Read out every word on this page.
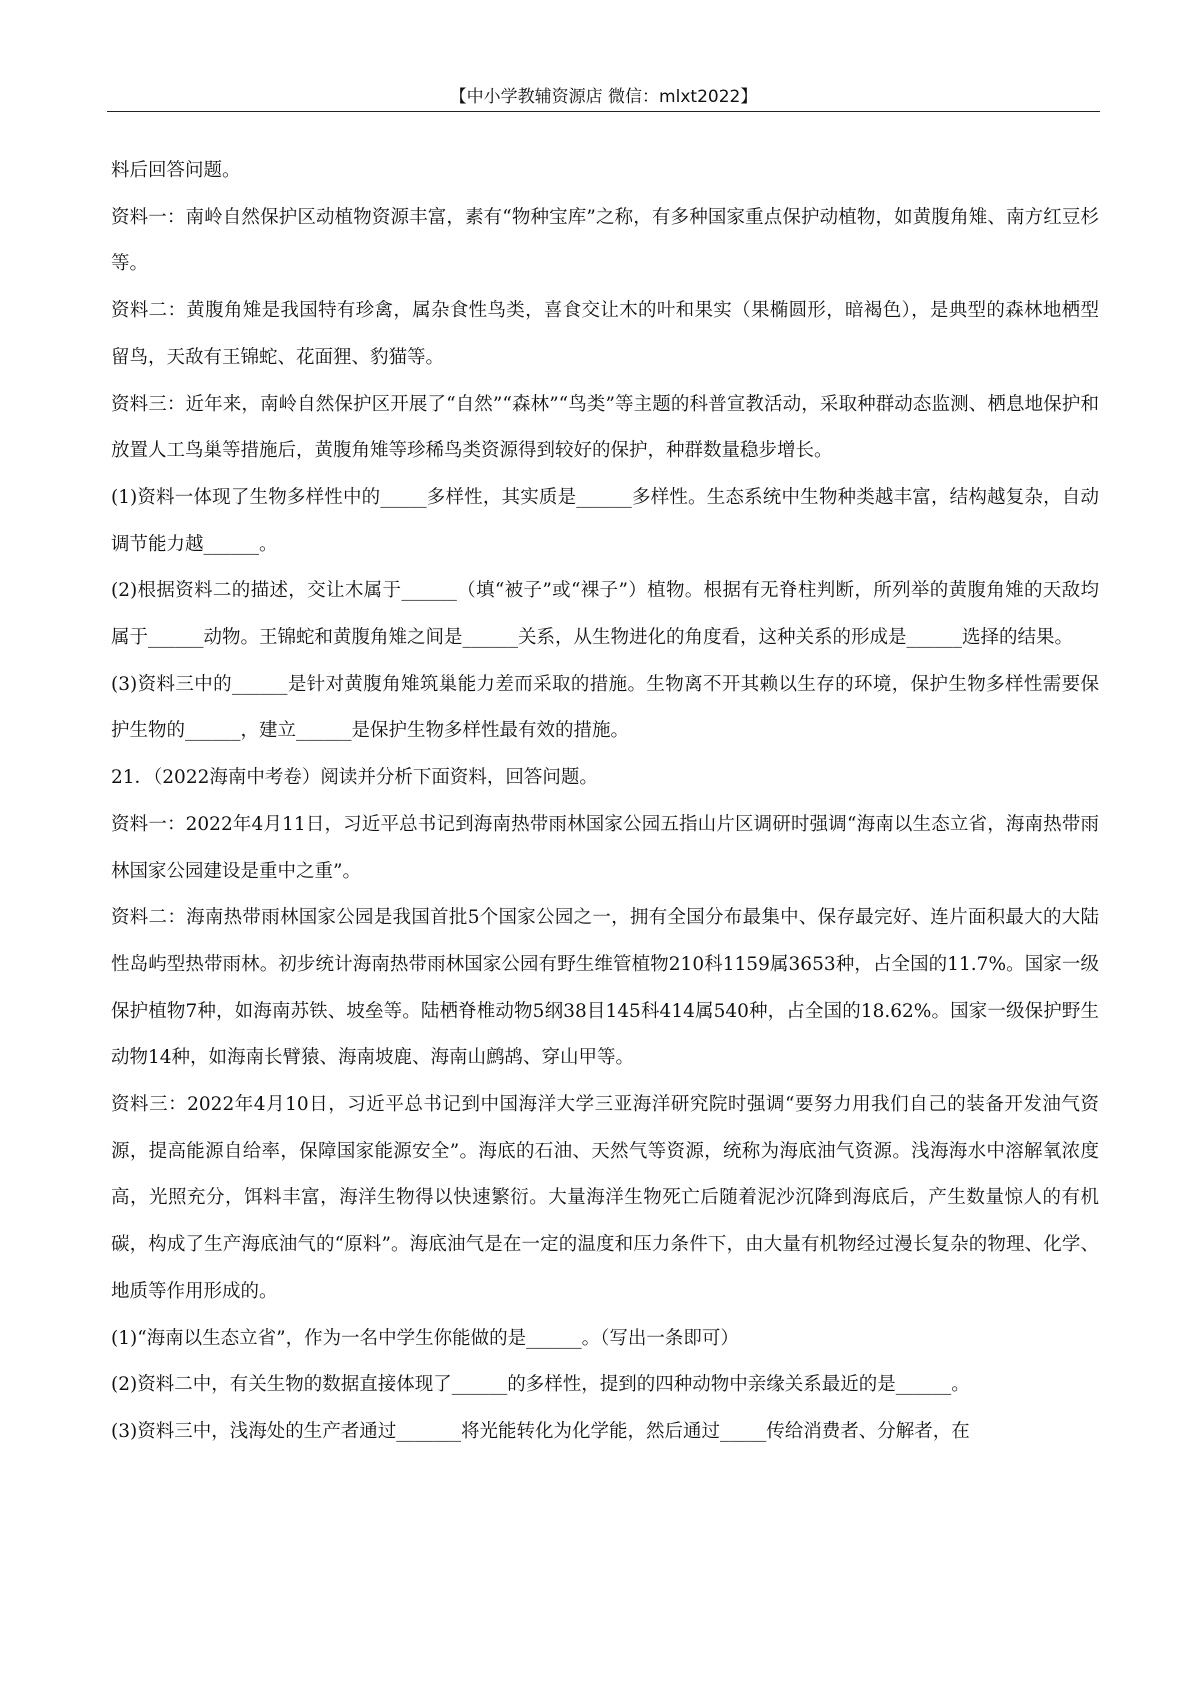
【中小学教辅资源店 微信：mlxt2022】

料后回答问题。

资料一：南岭自然保护区动植物资源丰富，素有“物种宝库”之称，有多种国家重点保护动植物，如黄腹角雉、南方红豆杉等。

资料二：黄腹角雉是我国特有珍禽，属杂食性鸟类，喜食交让木的叶和果实（果椭圆形，暗褐色），是典型的森林地栖型留鸟，天敌有王锦蛇、花面狸、豹猫等。

资料三：近年来，南岭自然保护区开展了“自然”“森林”“鸟类”等主题的科普宣教活动，采取种群动态监测、栖息地保护和放置人工鸟巢等措施后，黄腹角雉等珍稀鸟类资源得到较好的保护，种群数量稳步增长。

(1)资料一体现了生物多样性中的_____多样性，其实质是______多样性。生态系统中生物种类越丰富，结构越复杂，自动调节能力越______。

(2)根据资料二的描述，交让木属于______（填“被子”或“裸子”）植物。根据有无脊柱判断，所列举的黄腹角雉的天敌均属于______动物。王锦蛇和黄腹角雉之间是______关系，从生物进化的角度看，这种关系的形成是______选择的结果。

(3)资料三中的______是针对黄腹角雉筑巢能力差而采取的措施。生物离不开其赖以生存的环境，保护生物多样性需要保护生物的______，建立______是保护生物多样性最有效的措施。

21．（2022海南中考卷）阅读并分析下面资料，回答问题。

资料一：2022年4月11日，习近平总书记到海南热带雨林国家公园五指山片区调研时强调“海南以生态立省，海南热带雨林国家公园建设是重中之重”。

资料二：海南热带雨林国家公园是我国首批5个国家公园之一，拥有全国分布最集中、保存最完好、连片面积最大的大陆性岛屿型热带雨林。初步统计海南热带雨林国家公园有野生维管植物210科1159属3653种，占全国的11.7%。国家一级保护植物7种，如海南苏铁、坡垒等。陆栖脊椎动物5纲38目145科414属540种，占全国的18.62%。国家一级保护野生动物14种，如海南长臂猿、海南坡鹿、海南山鹧鸪、穿山甲等。

资料三：2022年4月10日，习近平总书记到中国海洋大学三亚海洋研究院时强调“要努力用我们自己的装备开发油气资源，提高能源自给率，保障国家能源安全”。海底的石油、天然气等资源，统称为海底油气资源。浅海海水中溶解氧浓度高，光照充分，饵料丰富，海洋生物得以快速繁衍。大量海洋生物死亡后随着泥沙沉降到海底后，产生数量惊人的有机碳，构成了生产海底油气的“原料”。海底油气是在一定的温度和压力条件下，由大量有机物经过漫长复杂的物理、化学、地质等作用形成的。

(1)“海南以生态立省”，作为一名中学生你能做的是______。（写出一条即可）

(2)资料二中，有关生物的数据直接体现了______的多样性，提到的四种动物中亲缘关系最近的是______。

(3)资料三中，浅海处的生产者通过_______将光能转化为化学能，然后通过_____传给消费者、分解者，在
